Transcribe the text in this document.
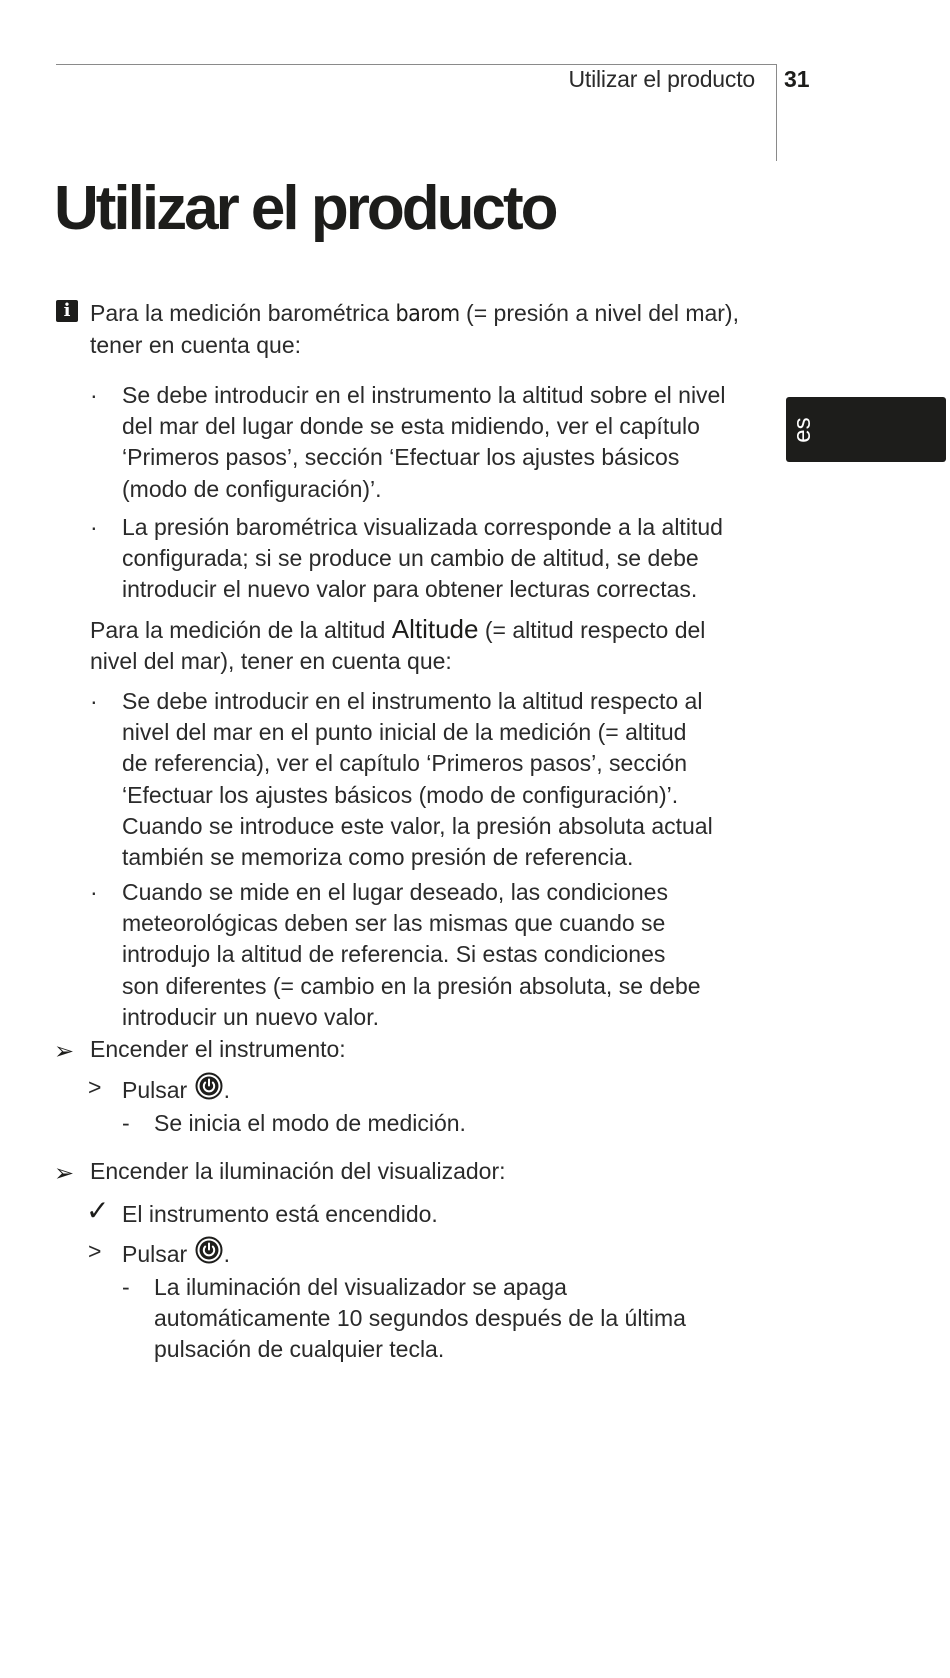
Utilizar el producto 31
es
Utilizar el producto
i Para la medición barométrica barom (= presión a nivel del mar),
tener en cuenta que:
· Se debe introducir en el instrumento la altitud sobre el nivel
del mar del lugar donde se esta midiendo, ver el capítulo
‘Primeros pasos’, sección ‘Efectuar los ajustes básicos
(modo de configuración)’.
· La presión barométrica visualizada corresponde a la altitud
configurada; si se produce un cambio de altitud, se debe
introducir el nuevo valor para obtener lecturas correctas.
Para la medición de la altitud Altitude (= altitud respecto del
nivel del mar), tener en cuenta que:
· Se debe introducir en el instrumento la altitud respecto al
nivel del mar en el punto inicial de la medición (= altitud
de referencia), ver el capítulo ‘Primeros pasos’, sección
‘Efectuar los ajustes básicos (modo de configuración)’.
Cuando se introduce este valor, la presión absoluta actual
también se memoriza como presión de referencia.
· Cuando se mide en el lugar deseado, las condiciones
meteorológicas deben ser las mismas que cuando se
introdujo la altitud de referencia. Si estas condiciones
son diferentes (= cambio en la presión absoluta, se debe
introducir un nuevo valor.
➢ Encender el instrumento:
> Pulsar .
- Se inicia el modo de medición.
➢ Encender la iluminación del visualizador:
✓ El instrumento está encendido.
> Pulsar .
- La iluminación del visualizador se apaga
automáticamente 10 segundos después de la última
pulsación de cualquier tecla.
